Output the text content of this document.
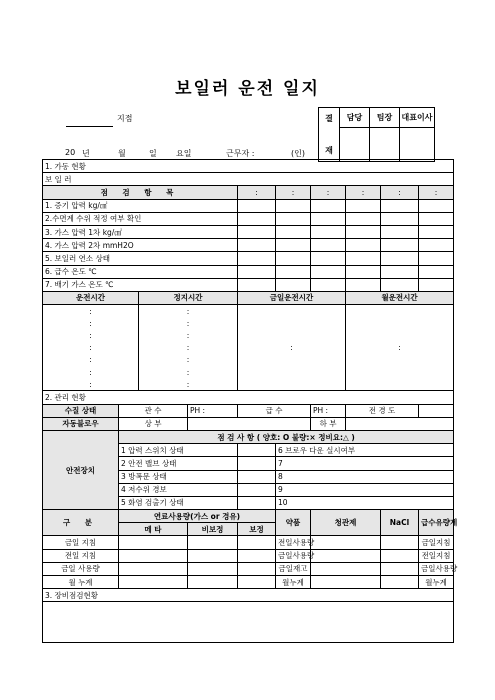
보일러 운전 일지
지점
20 년	월	일 요일	근무자 :	(인)
결

재	담당	팀장	대표이사

1. 가동 현황									
보 일 러									
점 검 항 목				:	:	:	:	:	:
1. 증기 압력 kg/㎠									
2.수면계 수위 적정 여부 확인									
3. 가스 압력 1차 kg/㎠									
4. 가스 압력 2차 mmH2O									
5. 보일러 연소 상태									
6. 급수 온도 ℃									
7. 배기 가스 온도 ℃									
운전시간		정지시간		금일운전시간			월운전시간		
:		:		:			:		
:		:							
:		:							
:		:							
:		:							
:		:							
:		:							
2. 관리 현황									
수질 상태	관 수		PH :	급 수		PH :	전 경 도		
자동블로우	상 부					하 부			
안전장치	점 검 사 항 ( 양호: O 불량:× 정비요:△ )								
	1 압력 스위치 상태				6 브로우 다운 실시여부				
	2 안전 밸브 상태				7				
	3 방폭문 상태				8				
	4 저수위 경보				9				
	5 화염 검출기 상태				10				
구 분	연료사용량(가스 or 경유)				약품	청관제		NaCl	급수유량계
	메 타		비보정	보정					
금일 지침					전일사용량				금일지침
전일 지침					금일사용량				전일지침
금일 사용량					금일재고				금일사용량
월 누계					월누계				월누계
3. 장비점검현황									
